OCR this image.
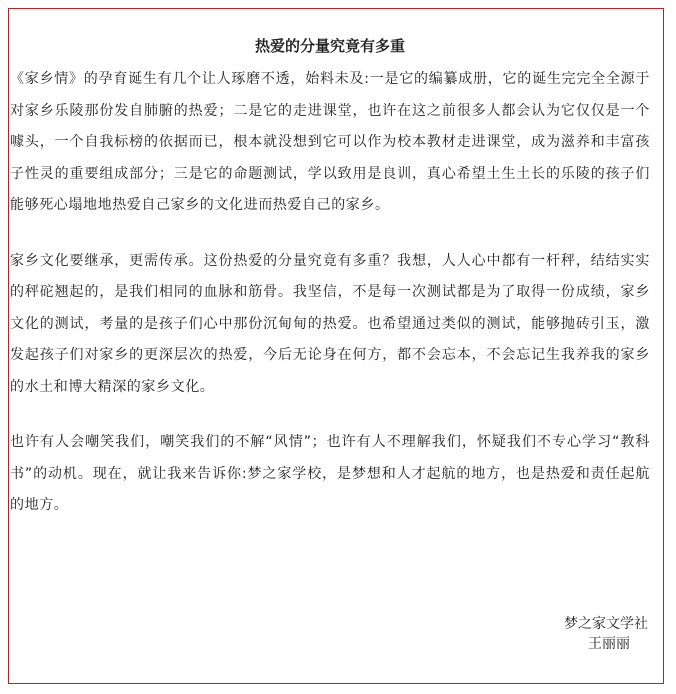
热爱的分量究竟有多重

《家乡情》的孕育诞生有几个让人琢磨不透，始料未及:一是它的编纂成册，它的诞生完完全全源于对家乡乐陵那份发自肺腑的热爱；二是它的走进课堂，也许在这之前很多人都会认为它仅仅是一个噱头，一个自我标榜的依据而已，根本就没想到它可以作为校本教材走进课堂，成为滋养和丰富孩子性灵的重要组成部分；三是它的命题测试，学以致用是良训，真心希望土生土长的乐陵的孩子们能够死心塌地地热爱自己家乡的文化进而热爱自己的家乡。

家乡文化要继承，更需传承。这份热爱的分量究竟有多重？我想，人人心中都有一杆秤，结结实实的秤砣翘起的，是我们相同的血脉和筋骨。我坚信，不是每一次测试都是为了取得一份成绩，家乡文化的测试，考量的是孩子们心中那份沉甸甸的热爱。也希望通过类似的测试，能够抛砖引玉，激发起孩子们对家乡的更深层次的热爱，今后无论身在何方，都不会忘本，不会忘记生我养我的家乡的水土和博大精深的家乡文化。

也许有人会嘲笑我们，嘲笑我们的不解“风情”；也许有人不理解我们，怀疑我们不专心学习“教科书”的动机。现在，就让我来告诉你:梦之家学校，是梦想和人才起航的地方，也是热爱和责任起航的地方。

梦之家文学社
王丽丽
